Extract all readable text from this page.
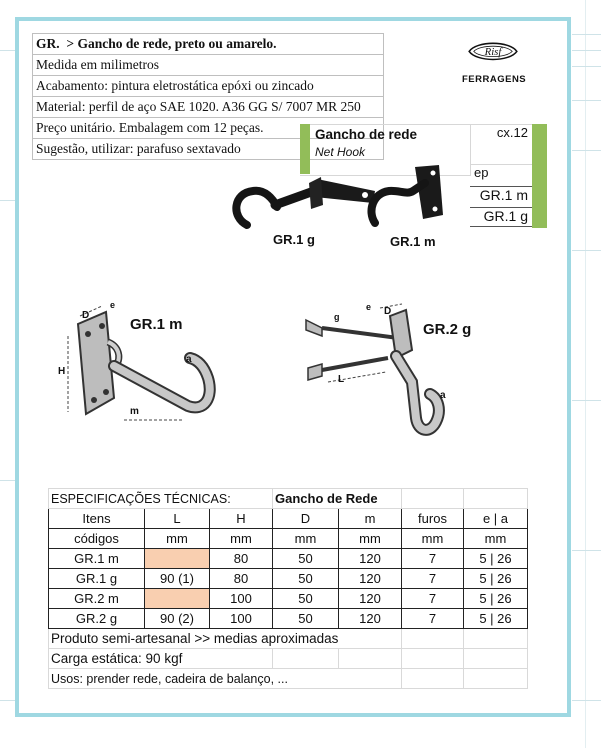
GR. > Gancho de rede, preto ou amarelo.
Medida em milimetros
Acabamento: pintura eletrostática epóxi ou zincado
Material: perfil de aço SAE 1020. A36 GG S/ 7007 MR 250
Preço unitário. Embalagem com 12 peças.
Sugestão, utilizar: parafuso sextavado
Risf
FERRAGENS
Gancho de rede
Net Hook
cx.12
ep
GR.1 m
GR.1 g
GR.1 g	GR.1 m
e
D
H
a
m
GR.1 m	g
e D
L
a
GR.2 g
ESPECIFICAÇÕES TÉCNICAS:			Gancho de Rede			
Itens	L	H	D	m	furos	e | a
códigos	mm	mm	mm	mm	mm	mm
GR.1 m		80	50	120	7	5 | 26
GR.1 g	90 (1)	80	50	120	7	5 | 26
GR.2 m		100	50	120	7	5 | 26
GR.2 g	90 (2)	100	50	120	7	5 | 26
Produto semi-artesanal >> medias aproximadas						
Carga estática: 90 kgf						
Usos: prender rede, cadeira de balanço, ...						
